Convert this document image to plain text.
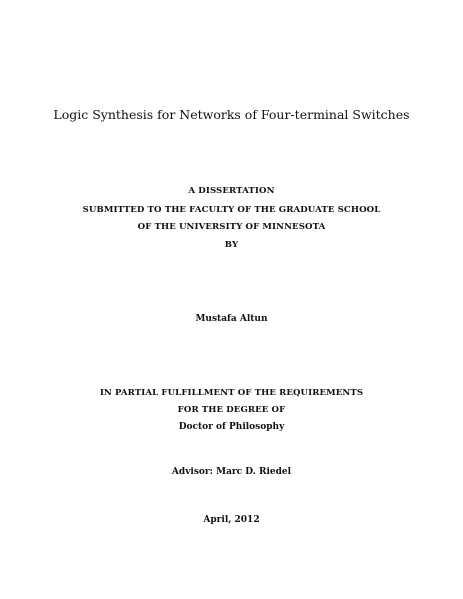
Logic Synthesis for Networks of Four-terminal Switches
A DISSERTATION
SUBMITTED TO THE FACULTY OF THE GRADUATE SCHOOL
OF THE UNIVERSITY OF MINNESOTA
BY
Mustafa Altun
IN PARTIAL FULFILLMENT OF THE REQUIREMENTS
FOR THE DEGREE OF
Doctor of Philosophy
Advisor: Marc D. Riedel
April, 2012
